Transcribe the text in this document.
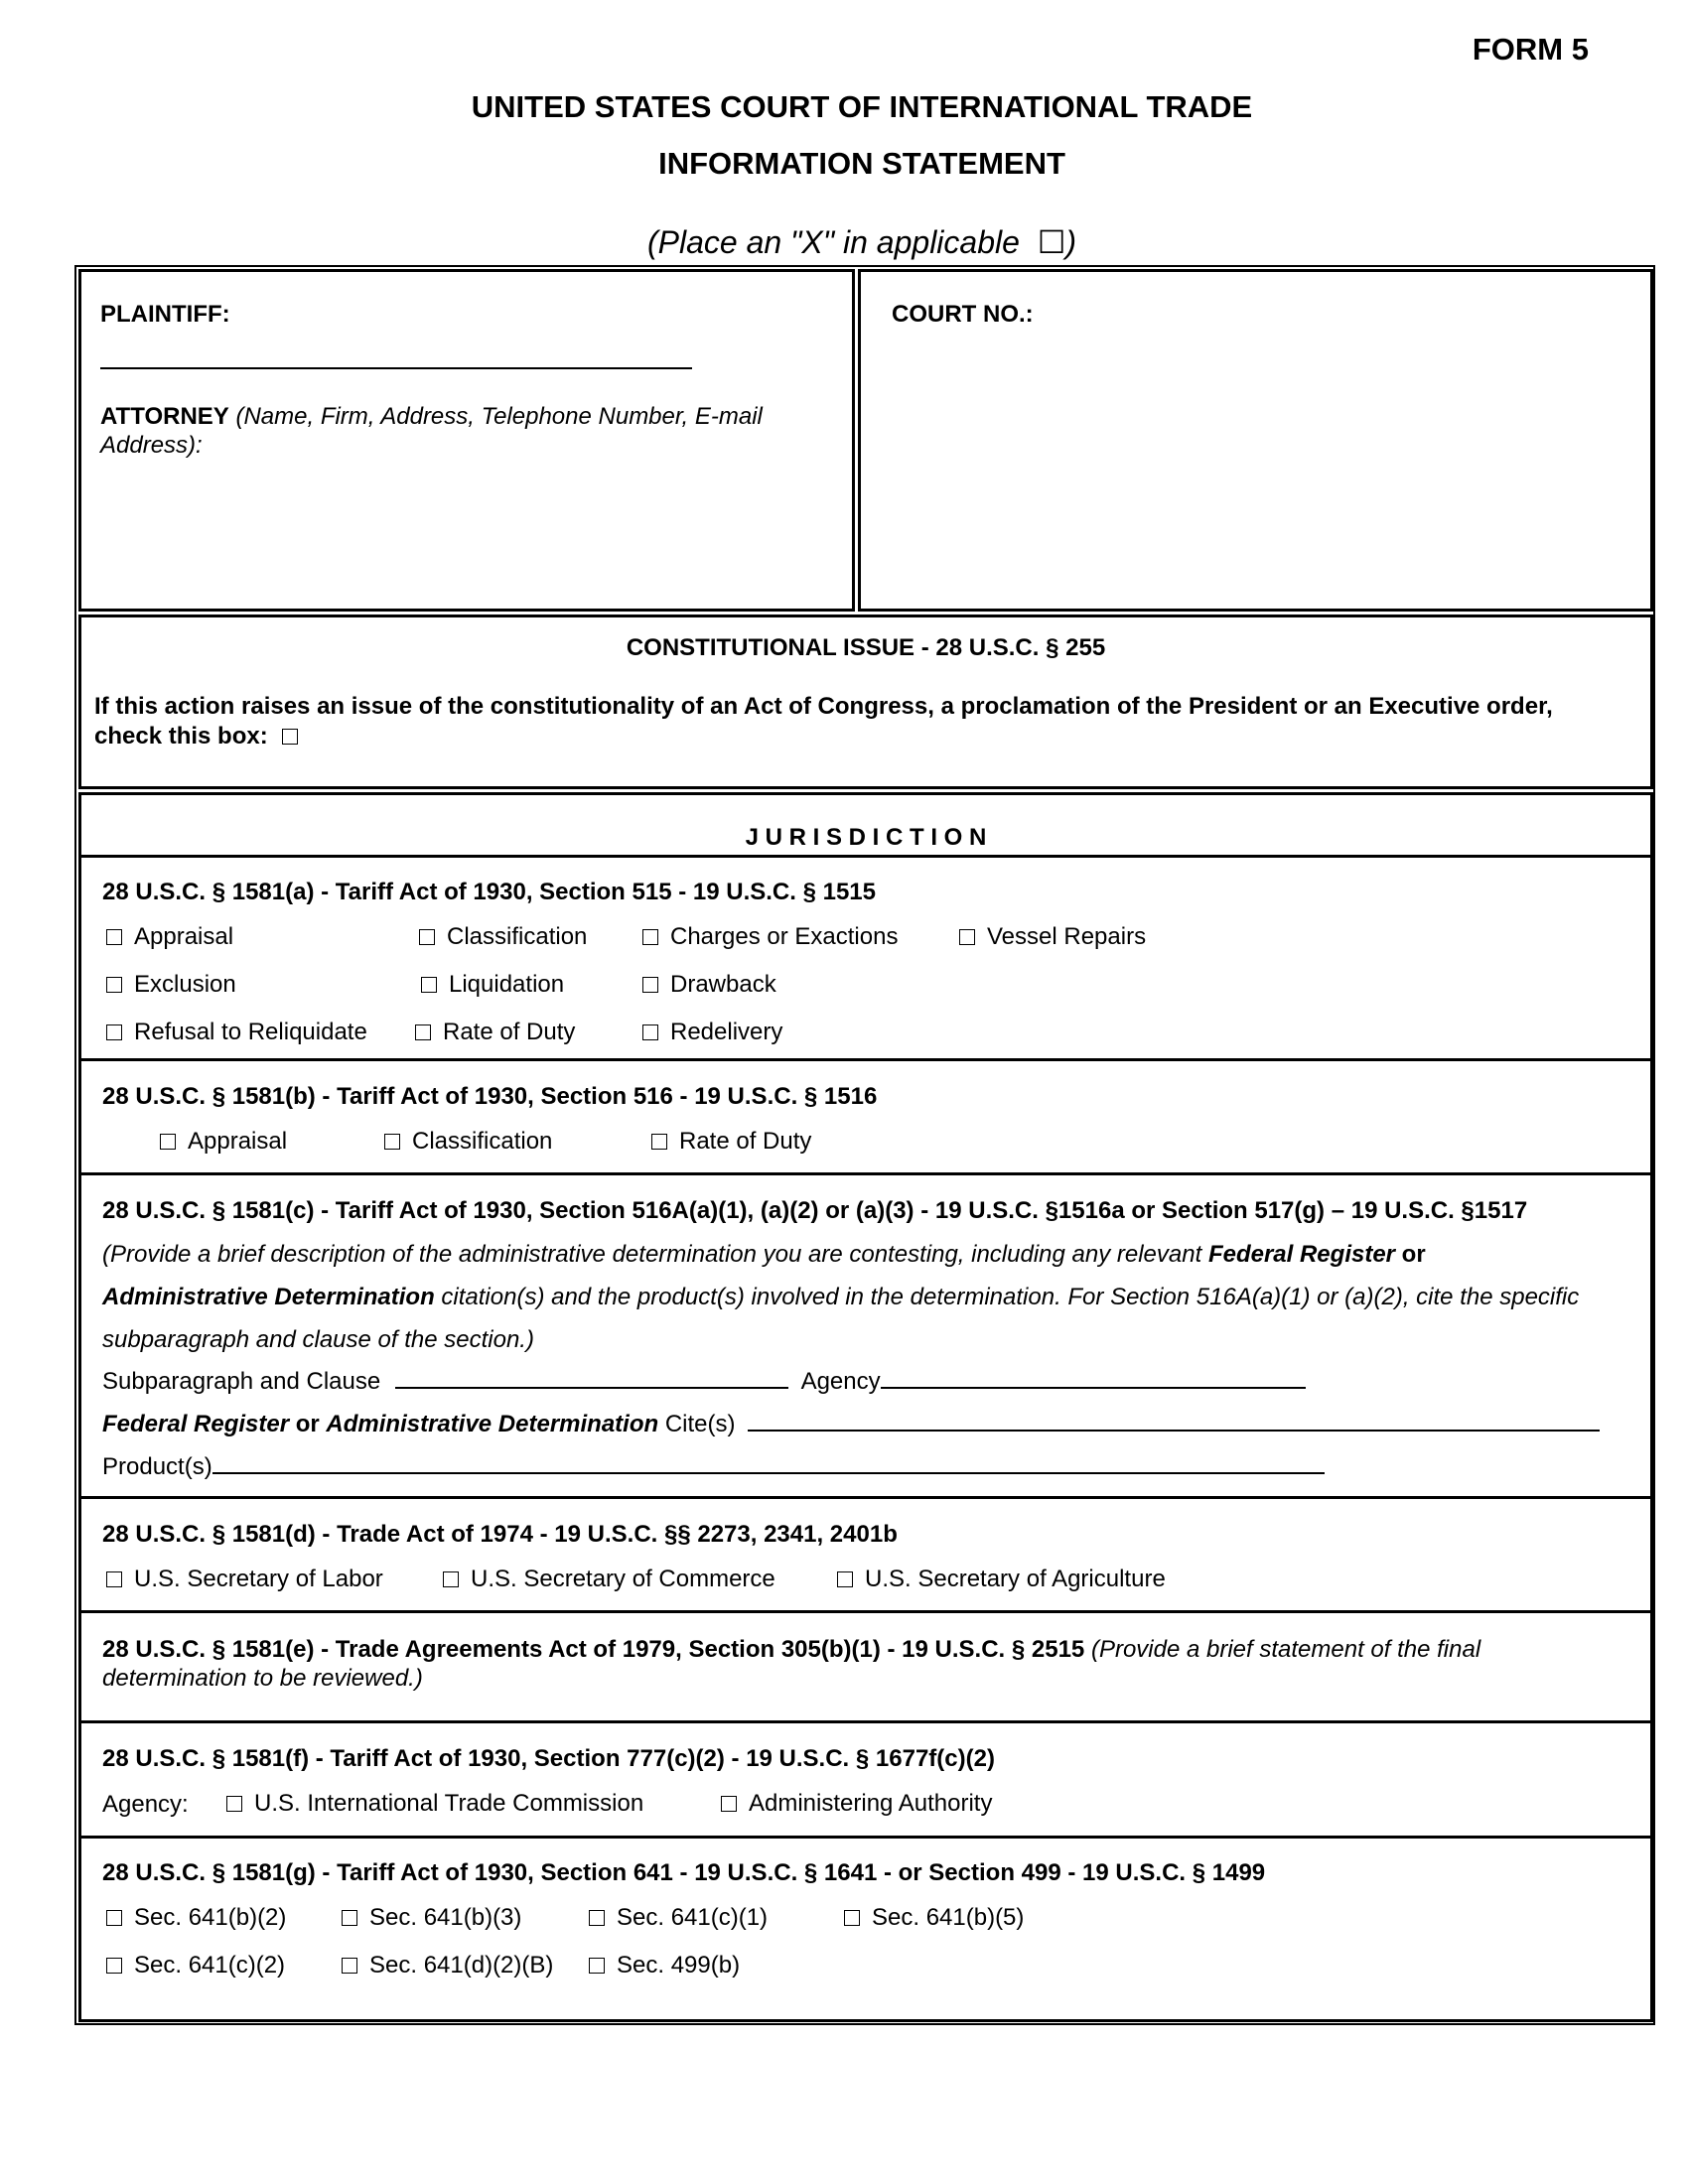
FORM 5
UNITED STATES COURT OF INTERNATIONAL TRADE
INFORMATION STATEMENT
(Place an "X" in applicable ☐)
PLAINTIFF:
ATTORNEY (Name, Firm, Address, Telephone Number, E-mail
Address):
COURT NO.:
CONSTITUTIONAL ISSUE - 28 U.S.C. § 255
If this action raises an issue of the constitutionality of an Act of Congress, a proclamation of the President or an Executive order,
check this box:
J U R I S D I C T I O N
28 U.S.C. § 1581(a) - Tariff Act of 1930, Section 515 - 19 U.S.C. § 1515
Appraisal	Classification	Charges or Exactions	Vessel Repairs
Exclusion	Liquidation	Drawback
Refusal to Reliquidate	Rate of Duty	Redelivery
28 U.S.C. § 1581(b) - Tariff Act of 1930, Section 516 - 19 U.S.C. § 1516
Appraisal	Classification	Rate of Duty
28 U.S.C. § 1581(c) - Tariff Act of 1930, Section 516A(a)(1), (a)(2) or (a)(3) - 19 U.S.C. §1516a or Section 517(g) – 19 U.S.C. §1517
(Provide a brief description of the administrative determination you are contesting, including any relevant Federal Register or
Administrative Determination citation(s) and the product(s) involved in the determination. For Section 516A(a)(1) or (a)(2), cite the specific
subparagraph and clause of the section.)
Subparagraph and Clause	Agency
Federal Register or Administrative Determination Cite(s)
Product(s)
28 U.S.C. § 1581(d) - Trade Act of 1974 - 19 U.S.C. §§ 2273, 2341, 2401b
U.S. Secretary of Labor	U.S. Secretary of Commerce	U.S. Secretary of Agriculture
28 U.S.C. § 1581(e) - Trade Agreements Act of 1979, Section 305(b)(1) - 19 U.S.C. § 2515 (Provide a brief statement of the final
determination to be reviewed.)
28 U.S.C. § 1581(f) - Tariff Act of 1930, Section 777(c)(2) - 19 U.S.C. § 1677f(c)(2)
Agency:	U.S. International Trade Commission	Administering Authority
28 U.S.C. § 1581(g) - Tariff Act of 1930, Section 641 - 19 U.S.C. § 1641 - or Section 499 - 19 U.S.C. § 1499
Sec. 641(b)(2)	Sec. 641(b)(3)	Sec. 641(c)(1)	Sec. 641(b)(5)
Sec. 641(c)(2)	Sec. 641(d)(2)(B)	Sec. 499(b)
